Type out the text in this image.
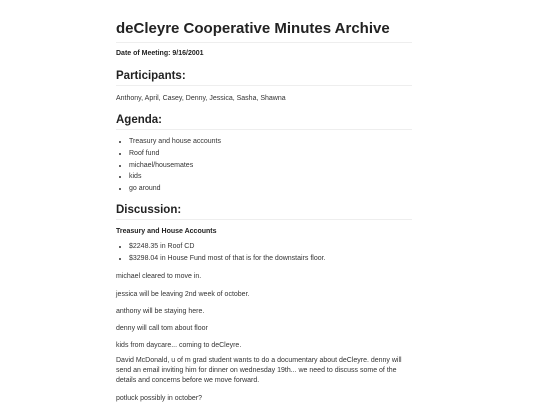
deCleyre Cooperative Minutes Archive
Date of Meeting: 9/16/2001
Participants:

Anthony, April, Casey, Denny, Jessica, Sasha, Shawna

Agenda:
• Treasury and house accounts
• Roof fund
• michael/housemates
• kids
• go around
Discussion:
Treasury and House Accounts
• $2248.35 in Roof CD
• $3298.04 in House Fund most of that is for the downstairs floor.

michael cleared to move in.

jessica will be leaving 2nd week of october.

anthony will be staying here.

denny will call tom about floor

kids from daycare... coming to deCleyre.

David McDonald, u of m grad student wants to do a documentary about deCleyre. denny will send an email inviting him for dinner on wednesday 19th... we need to discuss some of the details and concerns before we move forward.

potluck possibly in october?
